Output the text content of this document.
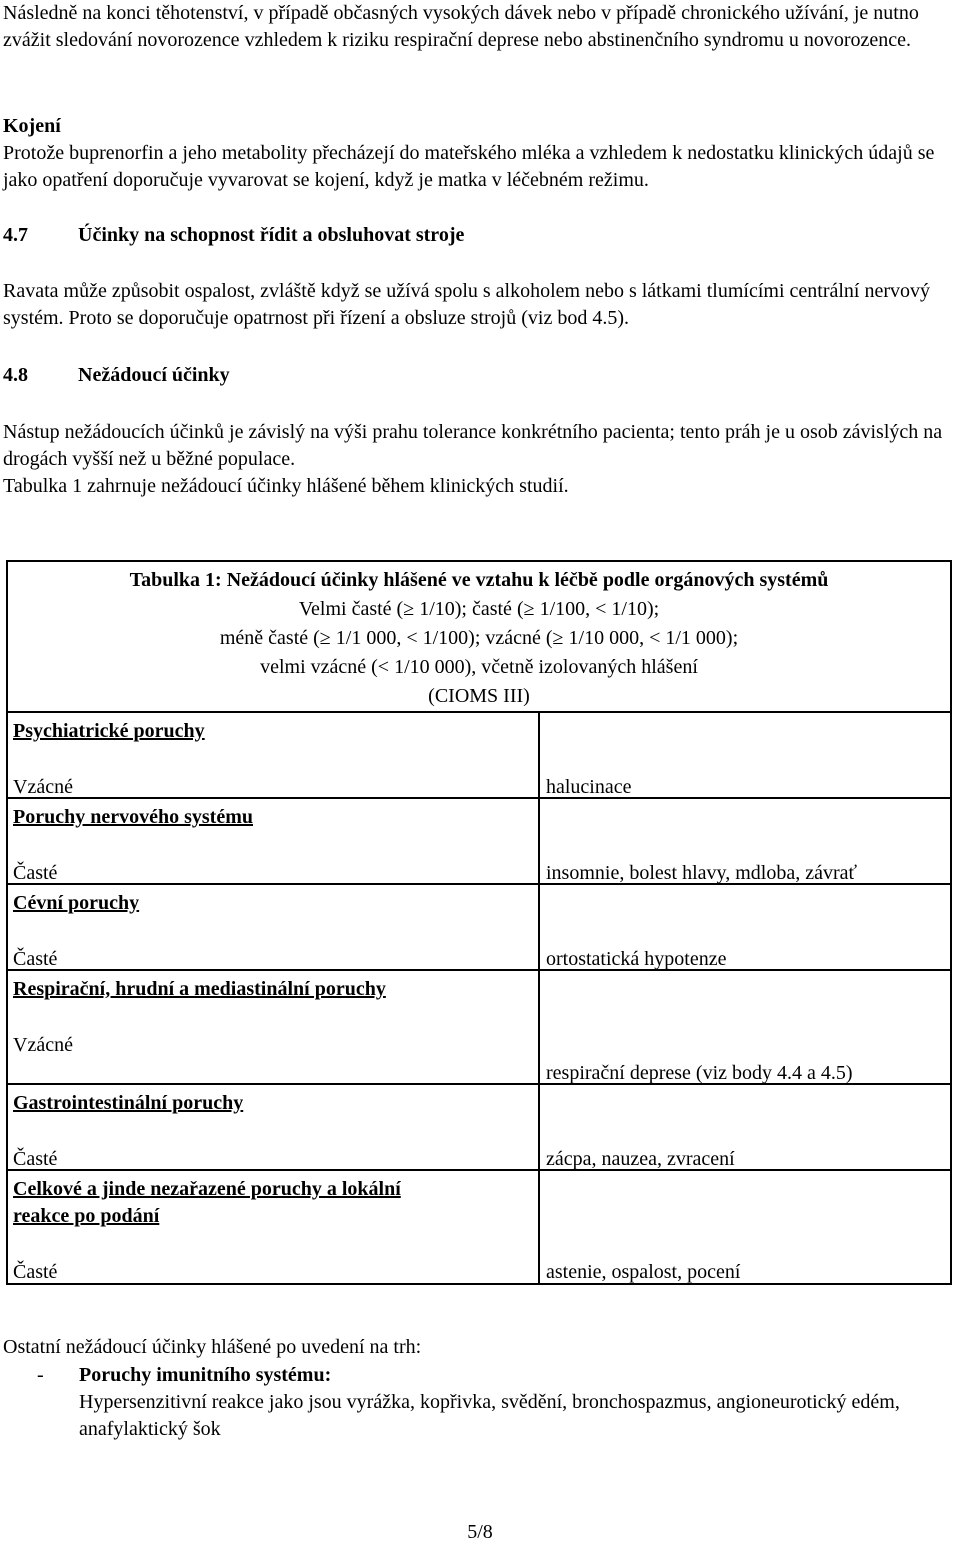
Následně na konci těhotenství, v případě občasných vysokých dávek nebo v případě chronického užívání, je nutno zvážit sledování novorozence vzhledem k riziku respirační deprese nebo abstinenčního syndromu u novorozence.

Kojení

Protože buprenorfin a jeho metabolity přecházejí do mateřského mléka a vzhledem k nedostatku klinických údajů se jako opatření doporučuje vyvarovat se kojení, když je matka v léčebném režimu.

4.7	Účinky na schopnost řídit a obsluhovat stroje

Ravata může způsobit ospalost, zvláště když se užívá spolu s alkoholem nebo s látkami tlumícími centrální nervový systém. Proto se doporučuje opatrnost při řízení a obsluze strojů (viz bod 4.5).

4.8	Nežádoucí účinky

Nástup nežádoucích účinků je závislý na výši prahu tolerance konkrétního pacienta; tento práh je u osob závislých na drogách vyšší než u běžné populace.

Tabulka 1 zahrnuje nežádoucí účinky hlášené během klinických studií.

Tabulka 1: Nežádoucí účinky hlášené ve vztahu k léčbě podle orgánových systémů
Velmi časté (≥ 1/10); časté (≥ 1/100, < 1/10);
méně časté (≥ 1/1 000, < 1/100); vzácné (≥ 1/10 000, < 1/1 000);
velmi vzácné (< 1/10 000), včetně izolovaných hlášení
(CIOMS III)	

Psychiatrické poruchy
Vzácné	halucinace

Poruchy nervového systému
Časté	insomnie, bolest hlavy, mdloba, závrať

Cévní poruchy
Časté	ortostatická hypotenze

Respirační, hrudní a mediastinální poruchy
Vzácné	respirační deprese (viz body 4.4 a 4.5)

Gastrointestinální poruchy
Časté	zácpa, nauzea, zvracení

Celkové a jinde nezařazené poruchy a lokální
reakce po podání
Časté	astenie, ospalost, pocení
Ostatní nežádoucí účinky hlášené po uvedení na trh:
- Poruchy imunitního systému:
Hypersenzitivní reakce jako jsou vyrážka, kopřivka, svědění, bronchospazmus, angioneurotický edém, anafylaktický šok
5/8
